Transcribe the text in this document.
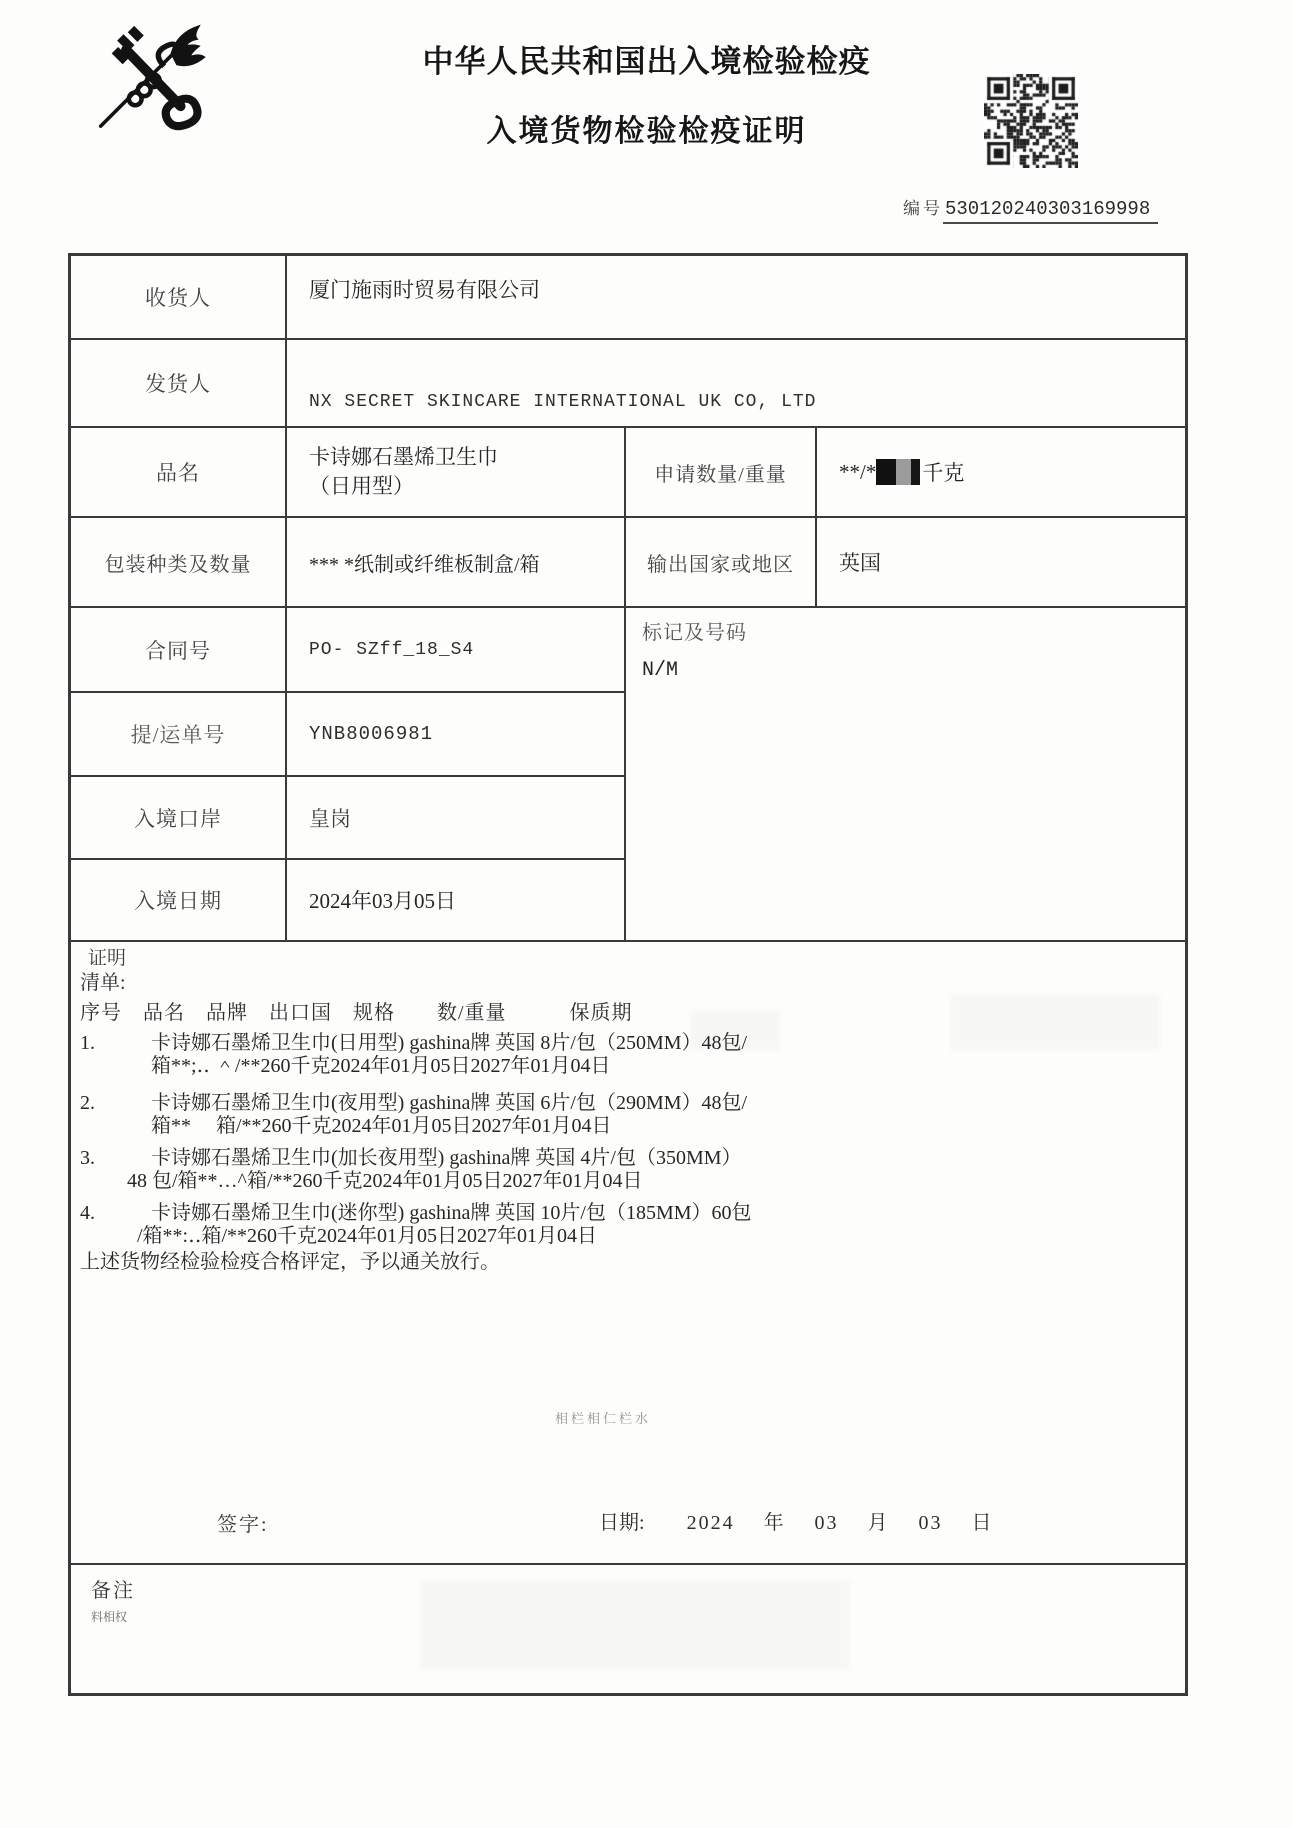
中华人民共和国出入境检验检疫
入境货物检验检疫证明
编号 530120240303169998
收货人	厦门施雨时贸易有限公司
发货人
NX SECRET SKINCARE INTERNATIONAL UK CO, LTD
品名
卡诗娜石墨烯卫生巾
（日用型）	申请数量/重量	**/* 千克
包装种类及数量	*** *纸制或纤维板制盒/箱	输出国家或地区	英国
合同号	PO- SZff_18_S4
提/运单号	YNB8006981
入境口岸	皇岗
入境日期	2024年03月05日
标记及号码
N/M
证明
清单:
序号　品名　品牌　出口国　规格　　数/重量　　　保质期
1.	卡诗娜石墨烯卫生巾(日用型) gashina牌 英国 8片/包（250MM）48包/
箱**;‥ ＾/**260千克2024年01月05日2027年01月04日
2.	卡诗娜石墨烯卫生巾(夜用型) gashina牌 英国 6片/包（290MM）48包/
箱**　 箱/**260千克2024年01月05日2027年01月04日
3.	卡诗娜石墨烯卫生巾(加长夜用型) gashina牌 英国 4片/包（350MM）
48 包/箱**…^箱/**260千克2024年01月05日2027年01月04日
4.	卡诗娜石墨烯卫生巾(迷你型) gashina牌 英国 10片/包（185MM）60包
/箱**:‥箱/**260千克2024年01月05日2027年01月04日
上述货物经检验检疫合格评定，予以通关放行。
相栏相仁栏水
签字:	日期: 2024 年 03 月 03 日
备注
料相权
